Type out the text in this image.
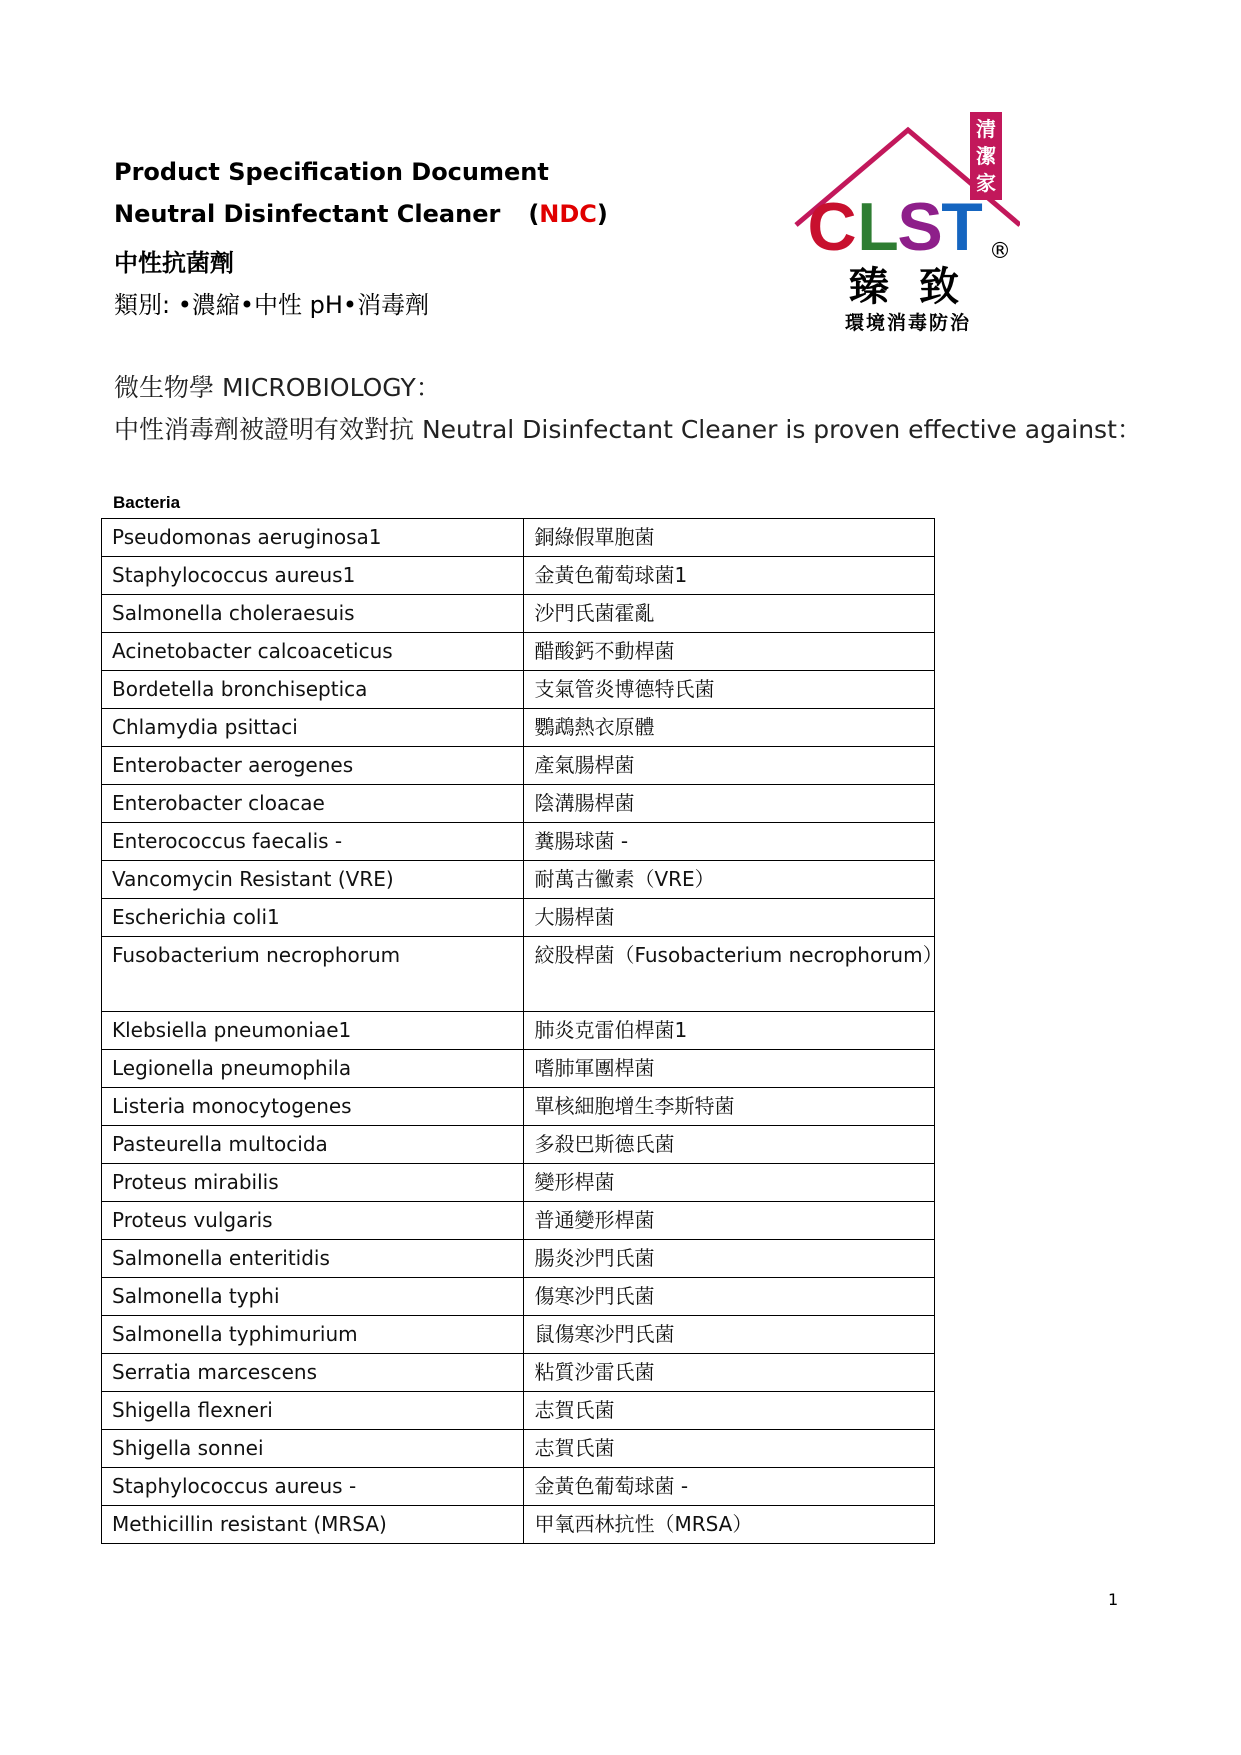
Product Specification Document
Neutral Disinfectant Cleaner (NDC)
中性抗菌劑
類別: •濃縮•中性 pH•消毒劑
清
潔
家
C L
S
T ®
臻 致
環境消毒防治
微生物學 MICROBIOLOGY：
中性消毒劑被證明有效對抗 Neutral Disinfectant Cleaner is proven effective against：
Bacteria
Pseudomonas aeruginosa1	銅綠假單胞菌
Staphylococcus aureus1	金黃色葡萄球菌1
Salmonella choleraesuis	沙門氏菌霍亂
Acinetobacter calcoaceticus	醋酸鈣不動桿菌
Bordetella bronchiseptica	支氣管炎博德特氏菌
Chlamydia psittaci	鸚鵡熱衣原體
Enterobacter aerogenes	產氣腸桿菌
Enterobacter cloacae	陰溝腸桿菌
Enterococcus faecalis -	糞腸球菌 -
Vancomycin Resistant (VRE)	耐萬古黴素（VRE）
Escherichia coli1	大腸桿菌
Fusobacterium necrophorum	絞股桿菌（Fusobacterium necrophorum）
Klebsiella pneumoniae1	肺炎克雷伯桿菌1
Legionella pneumophila	嗜肺軍團桿菌
Listeria monocytogenes	單核細胞增生李斯特菌
Pasteurella multocida	多殺巴斯德氏菌
Proteus mirabilis	變形桿菌
Proteus vulgaris	普通變形桿菌
Salmonella enteritidis	腸炎沙門氏菌
Salmonella typhi	傷寒沙門氏菌
Salmonella typhimurium	鼠傷寒沙門氏菌
Serratia marcescens	粘質沙雷氏菌
Shigella flexneri	志賀氏菌
Shigella sonnei	志賀氏菌
Staphylococcus aureus -	金黃色葡萄球菌 -
Methicillin resistant (MRSA)	甲氧西林抗性（MRSA）
1
